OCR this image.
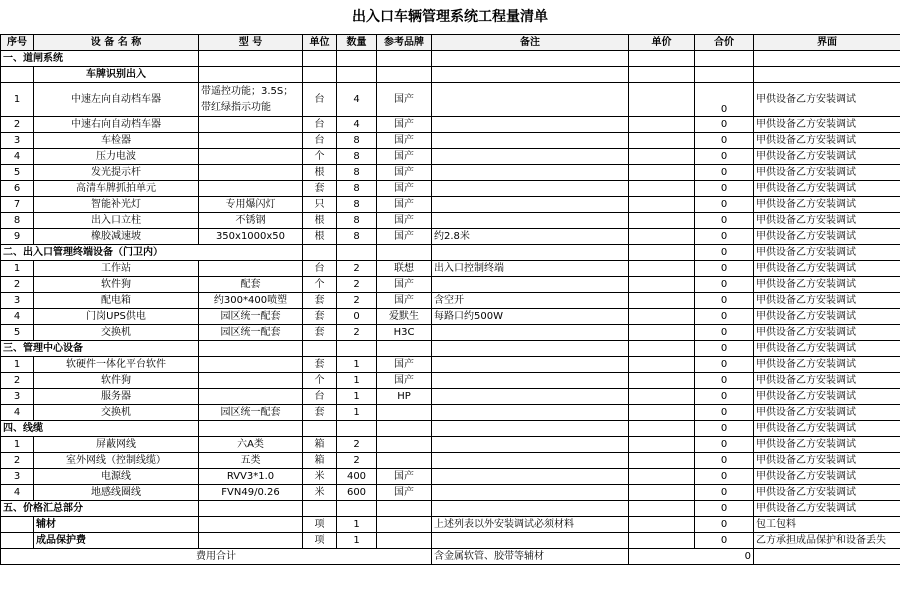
出入口车辆管理系统工程量清单
序号	设 备 名 称	型 号	单位	数量	参考品牌	备注	单价	合价	界面
一、道闸系统									
	车牌识别出入								
1	中速左向自动档车器	带遥控功能；3.5S；带红绿指示功能	台	4	国产			0	甲供设备乙方安装调试
2	中速右向自动档车器		台	4	国产			0	甲供设备乙方安装调试
3	车检器		台	8	国产			0	甲供设备乙方安装调试
4	压力电波		个	8	国产			0	甲供设备乙方安装调试
5	发光提示杆		根	8	国产			0	甲供设备乙方安装调试
6	高清车牌抓拍单元		套	8	国产			0	甲供设备乙方安装调试
7	智能补光灯	专用爆闪灯	只	8	国产			0	甲供设备乙方安装调试
8	出入口立柱	不锈钢	根	8	国产			0	甲供设备乙方安装调试
9	橡胶减速坡	350x1000x50	根	8	国产	约2.8米		0	甲供设备乙方安装调试
二、出入口管理终端设备（门卫内）								0	甲供设备乙方安装调试
1	工作站		台	2	联想	出入口控制终端		0	甲供设备乙方安装调试
2	软件狗	配套	个	2	国产			0	甲供设备乙方安装调试
3	配电箱	约300*400喷塑	套	2	国产	含空开		0	甲供设备乙方安装调试
4	门岗UPS供电	园区统一配套	套	0	爱默生	每路口约500W		0	甲供设备乙方安装调试
5	交换机	园区统一配套	套	2	H3C			0	甲供设备乙方安装调试
三、管理中心设备								0	甲供设备乙方安装调试
1	软硬件一体化平台软件		套	1	国产			0	甲供设备乙方安装调试
2	软件狗		个	1	国产			0	甲供设备乙方安装调试
3	服务器		台	1	HP			0	甲供设备乙方安装调试
4	交换机	园区统一配套	套	1				0	甲供设备乙方安装调试
四、线缆								0	甲供设备乙方安装调试
1	屏蔽网线	六A类	箱	2				0	甲供设备乙方安装调试
2	室外网线（控制线缆）	五类	箱	2				0	甲供设备乙方安装调试
3	电源线	RVV3*1.0	米	400	国产			0	甲供设备乙方安装调试
4	地感线圈线	FVN49/0.26	米	600	国产			0	甲供设备乙方安装调试
五、价格汇总部分								0	甲供设备乙方安装调试
	辅材		项	1		上述列表以外安装调试必须材料		0	包工包料
	成品保护费		项	1				0	乙方承担成品保护和设备丢失
费用合计						含金属软管、胶带等辅材	0		
